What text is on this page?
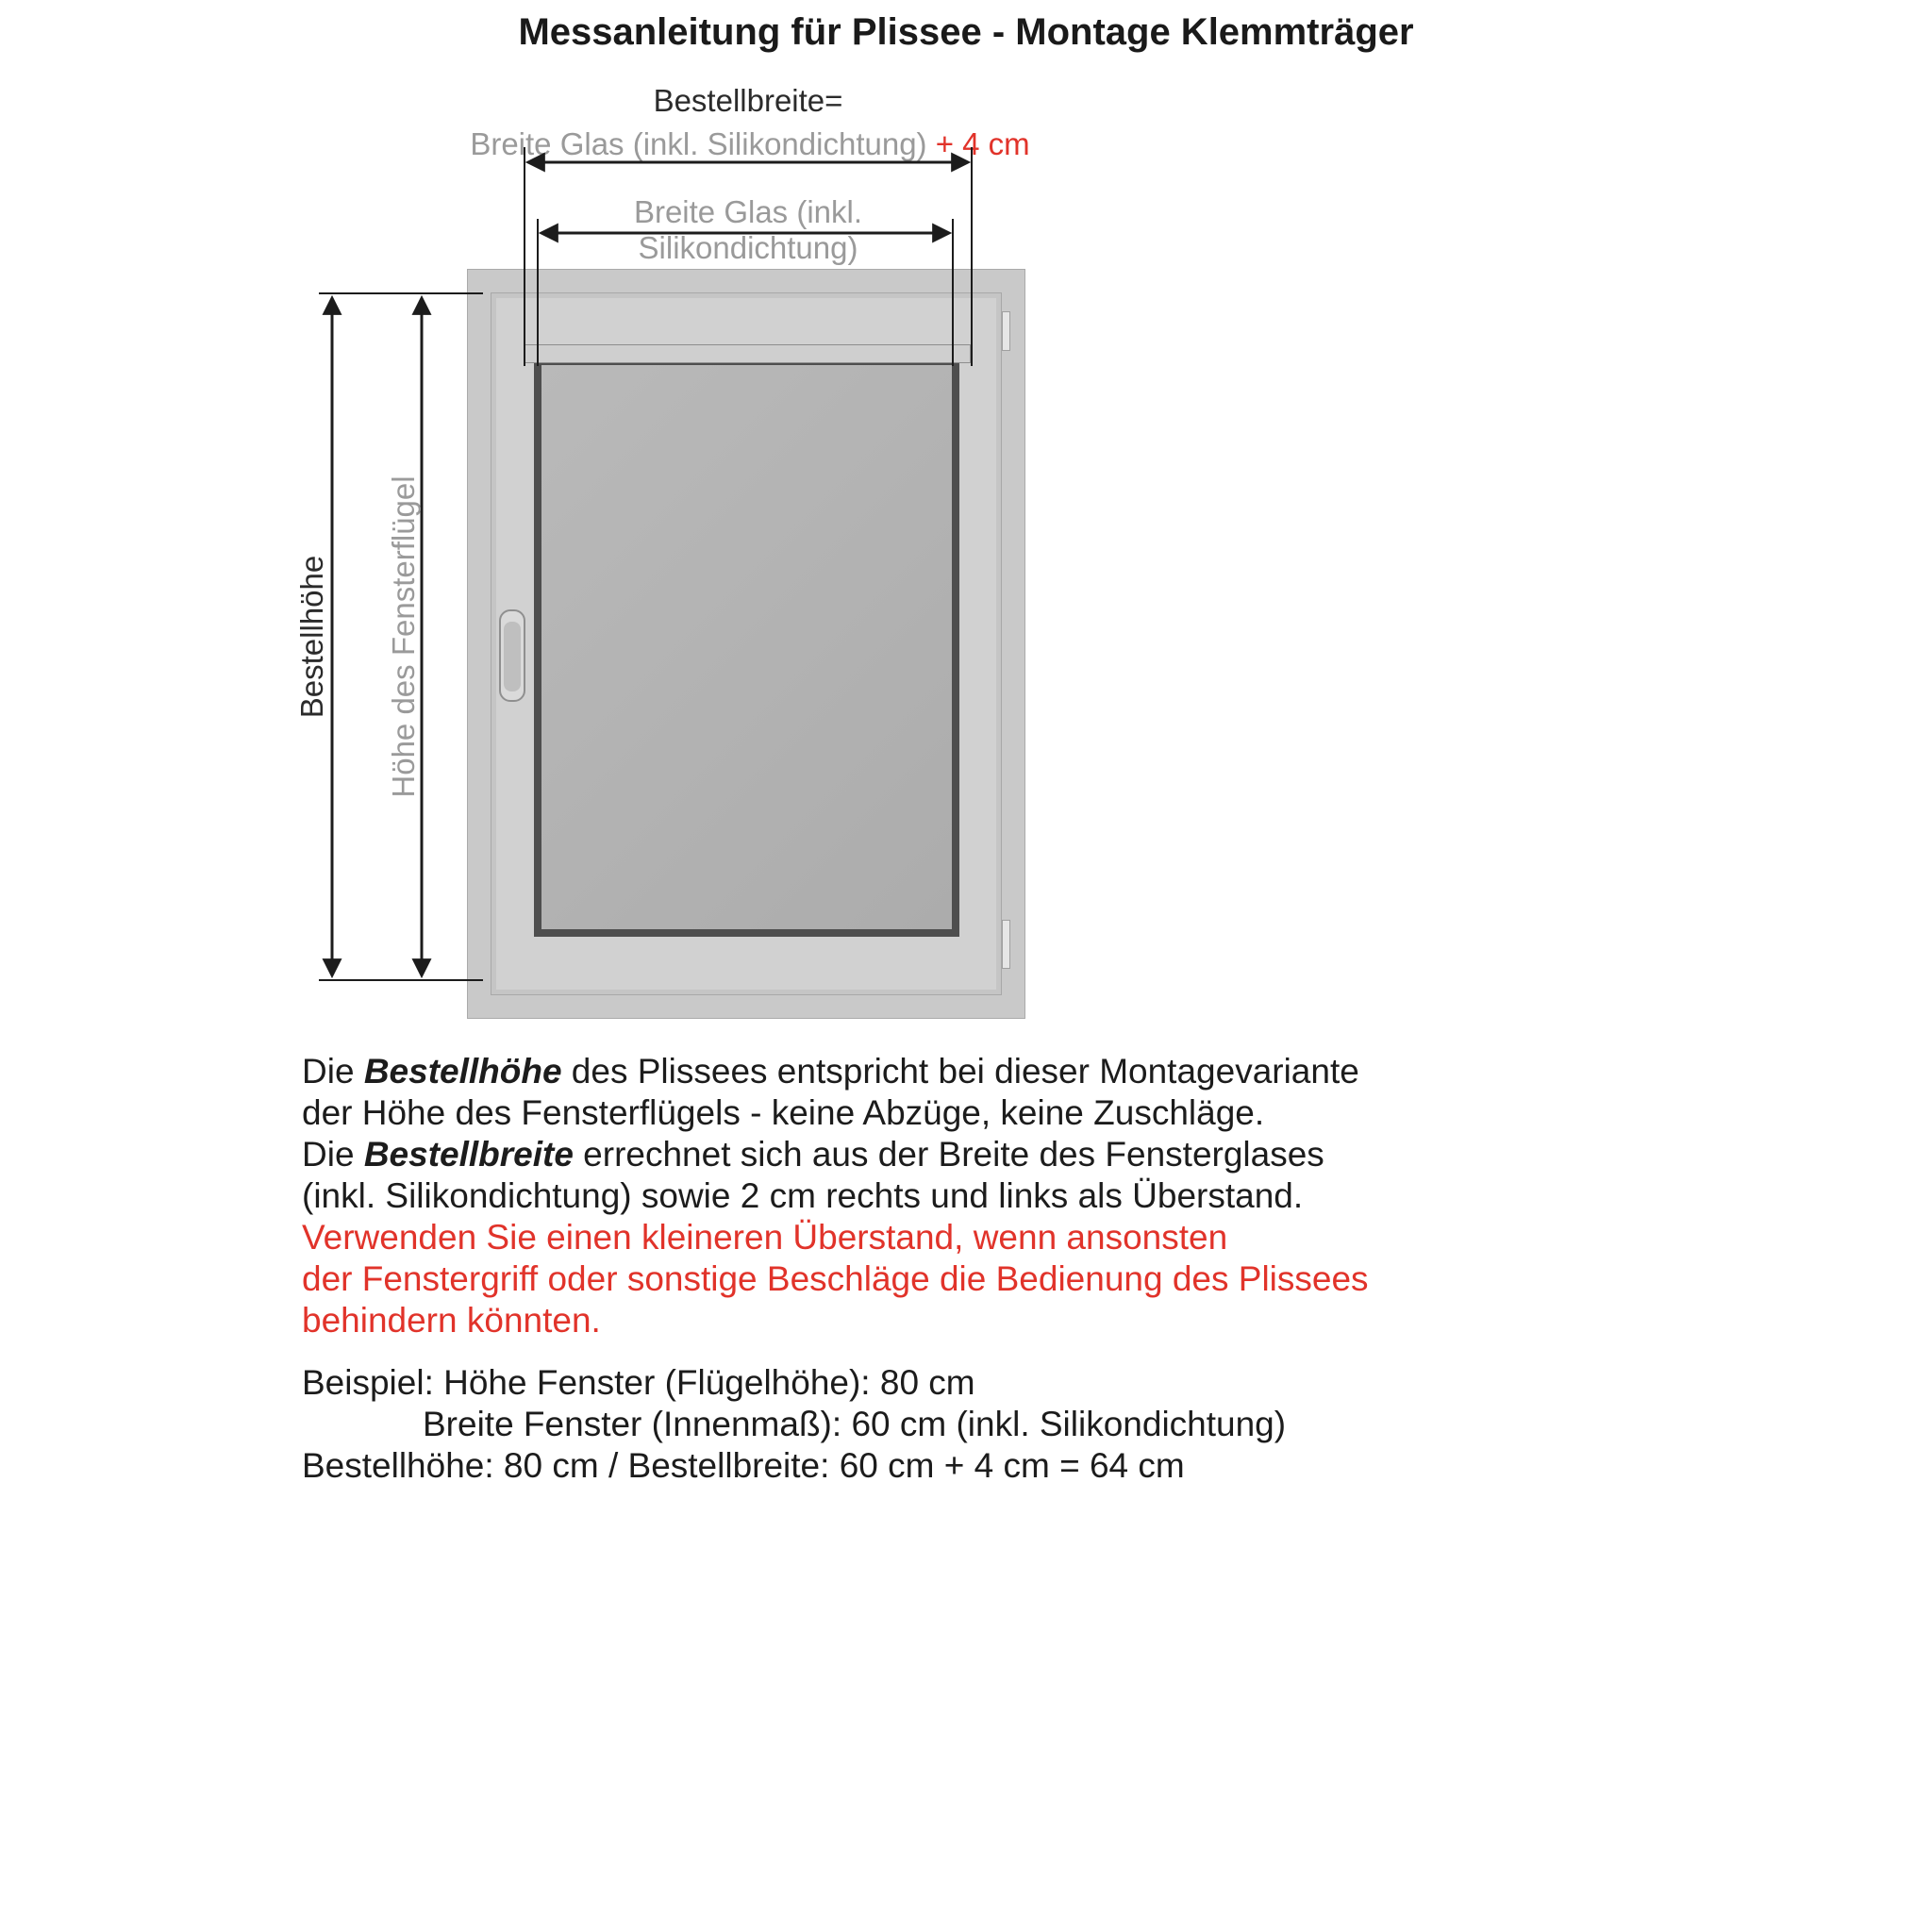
Messanleitung für Plissee - Montage Klemmträger
Bestellbreite=
Breite Glas (inkl. Silikondichtung) + 4 cm
Breite Glas (inkl. Silikondichtung)
Bestellhöhe Höhe des Fensterflügel
Die Bestellhöhe des Plissees entspricht bei dieser Montagevariante
der Höhe des Fensterflügels - keine Abzüge, keine Zuschläge.
Die Bestellbreite errechnet sich aus der Breite des Fensterglases
(inkl. Silikondichtung) sowie 2 cm rechts und links als Überstand.
Verwenden Sie einen kleineren Überstand, wenn ansonsten
der Fenstergriff oder sonstige Beschläge die Bedienung des Plissees
behindern könnten.
Beispiel: Höhe Fenster (Flügelhöhe): 80 cm
Breite Fenster (Innenmaß): 60 cm (inkl. Silikondichtung)
Bestellhöhe: 80 cm / Bestellbreite: 60 cm + 4 cm = 64 cm
